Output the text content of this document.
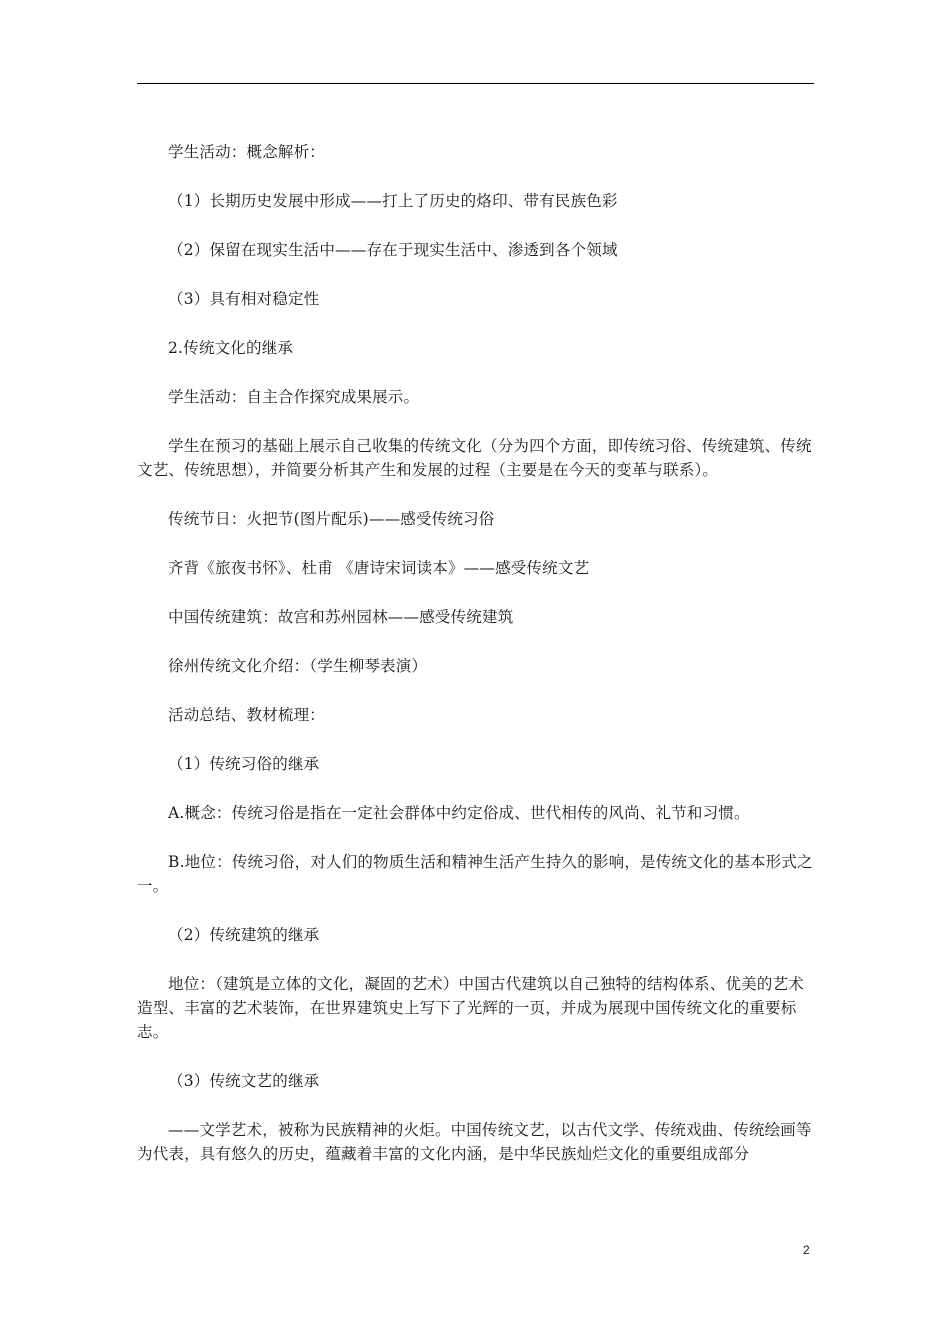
学生活动：概念解析：

（1）长期历史发展中形成——打上了历史的烙印、带有民族色彩

（2）保留在现实生活中——存在于现实生活中、渗透到各个领域

（3）具有相对稳定性

2.传统文化的继承

学生活动：自主合作探究成果展示。

学生在预习的基础上展示自己收集的传统文化（分为四个方面，即传统习俗、传统建筑、传统文艺、传统思想），并简要分析其产生和发展的过程（主要是在今天的变革与联系）。

传统节日：火把节(图片配乐)——感受传统习俗

齐背《旅夜书怀》、杜甫 《唐诗宋词读本》——感受传统文艺

中国传统建筑：故宫和苏州园林——感受传统建筑

徐州传统文化介绍：（学生柳琴表演）

活动总结、教材梳理：

（1）传统习俗的继承

A.概念：传统习俗是指在一定社会群体中约定俗成、世代相传的风尚、礼节和习惯。

B.地位：传统习俗，对人们的物质生活和精神生活产生持久的影响，是传统文化的基本形式之一。

（2）传统建筑的继承

地位：（建筑是立体的文化，凝固的艺术）中国古代建筑以自己独特的结构体系、优美的艺术造型、丰富的艺术装饰，在世界建筑史上写下了光辉的一页，并成为展现中国传统文化的重要标志。

（3）传统文艺的继承

——文学艺术，被称为民族精神的火炬。中国传统文艺，以古代文学、传统戏曲、传统绘画等为代表，具有悠久的历史，蕴藏着丰富的文化内涵，是中华民族灿烂文化的重要组成部分

2
